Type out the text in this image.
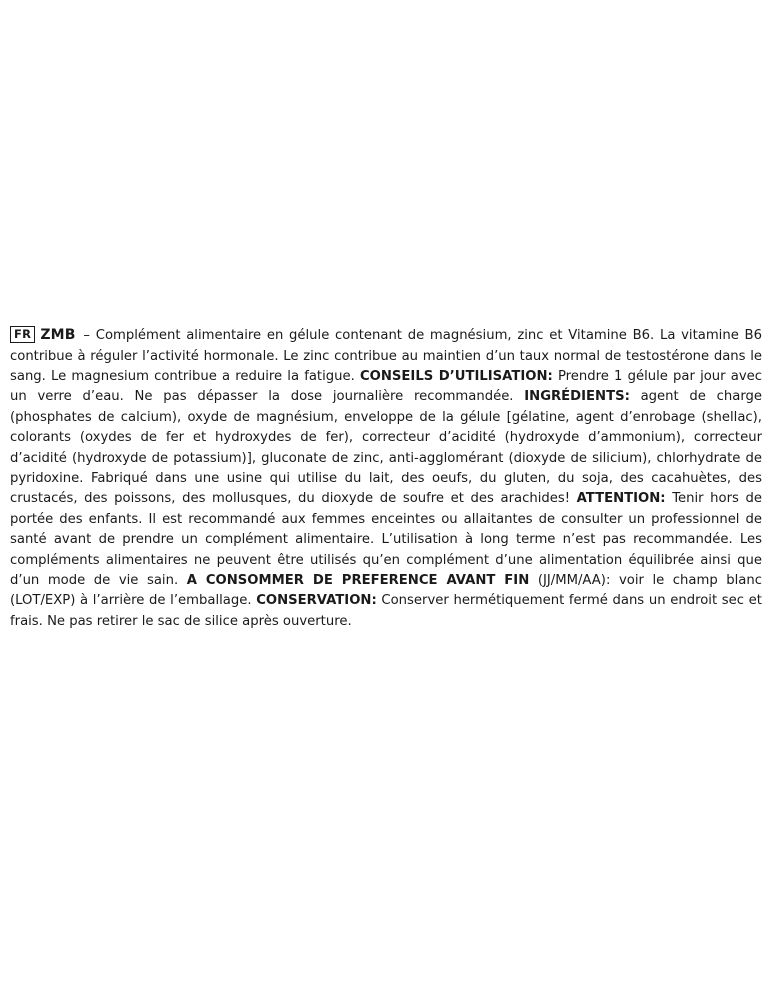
FR ZMB – Complément alimentaire en gélule contenant de magnésium, zinc et Vitamine B6. La vitamine B6 contribue à réguler l’activité hormonale. Le zinc contribue au maintien d’un taux normal de testostérone dans le sang. Le magnesium contribue a reduire la fatigue. CONSEILS D’UTILISATION: Prendre 1 gélule par jour avec un verre d’eau. Ne pas dépasser la dose journalière recommandée. INGRÉDIENTS: agent de charge (phosphates de calcium), oxyde de magnésium, enveloppe de la gélule [gélatine, agent d’enrobage (shellac), colorants (oxydes de fer et hydroxydes de fer), correcteur d’acidité (hydroxyde d’ammonium), correcteur d’acidité (hydroxyde de potassium)], gluconate de zinc, anti-agglomérant (dioxyde de silicium), chlorhydrate de pyridoxine. Fabriqué dans une usine qui utilise du lait, des oeufs, du gluten, du soja, des cacahuètes, des crustacés, des poissons, des mollusques, du dioxyde de soufre et des arachides! ATTENTION: Tenir hors de portée des enfants. Il est recommandé aux femmes enceintes ou allaitantes de consulter un professionnel de santé avant de prendre un complément alimentaire. L’utilisation à long terme n’est pas recommandée. Les compléments alimentaires ne peuvent être utilisés qu’en complément d’une alimentation équilibrée ainsi que d’un mode de vie sain. A CONSOMMER DE PREFERENCE AVANT FIN (JJ/MM/AA): voir le champ blanc (LOT/EXP) à l’arrière de l’emballage. CONSERVATION: Conserver hermétiquement fermé dans un endroit sec et frais. Ne pas retirer le sac de silice après ouverture.
